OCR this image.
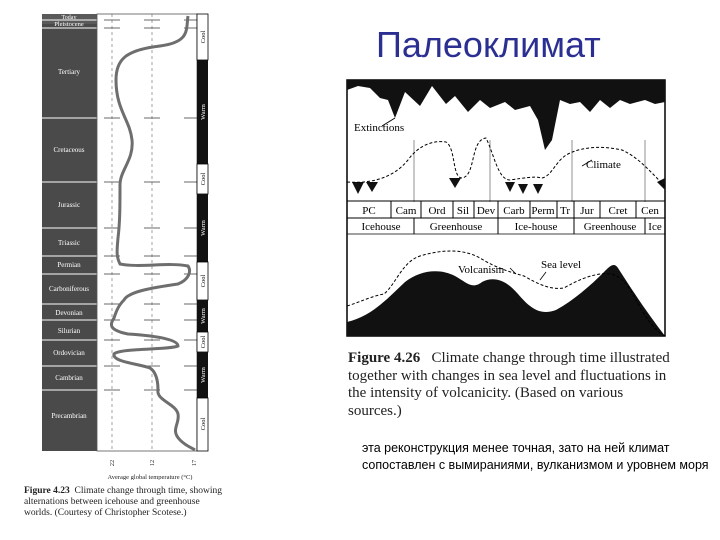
Палеоклимат
Today
Pleistocene
Tertiary
Cretaceous
Jurassic
Triassic
Permian
Carboniferous
Devonian
Silurian
Ordovician
Cambrian
Precambrian
Cool
Warm
Cool
Warm
Cool
Warm
Cool
Warm
Cool
22	12	17
Average global temperature (°C)
Figure 4.23 Climate change through time, showing alternations between icehouse and greenhouse worlds. (Courtesy of Christopher Scotese.)
Extinctions
Climate
PC Cam Ord Sil Dev Carb Perm Tr Jur Cret Cen
Icehouse	Greenhouse	Ice-house Greenhouse Ice
Volcanism	Sea level
Figure 4.26 Climate change through time illustrated together with changes in sea level and fluctuations in the intensity of volcanicity. (Based on various sources.)
эта реконструкция менее точная, зато на ней климат сопоставлен с вымираниями, вулканизмом и уровнем моря
